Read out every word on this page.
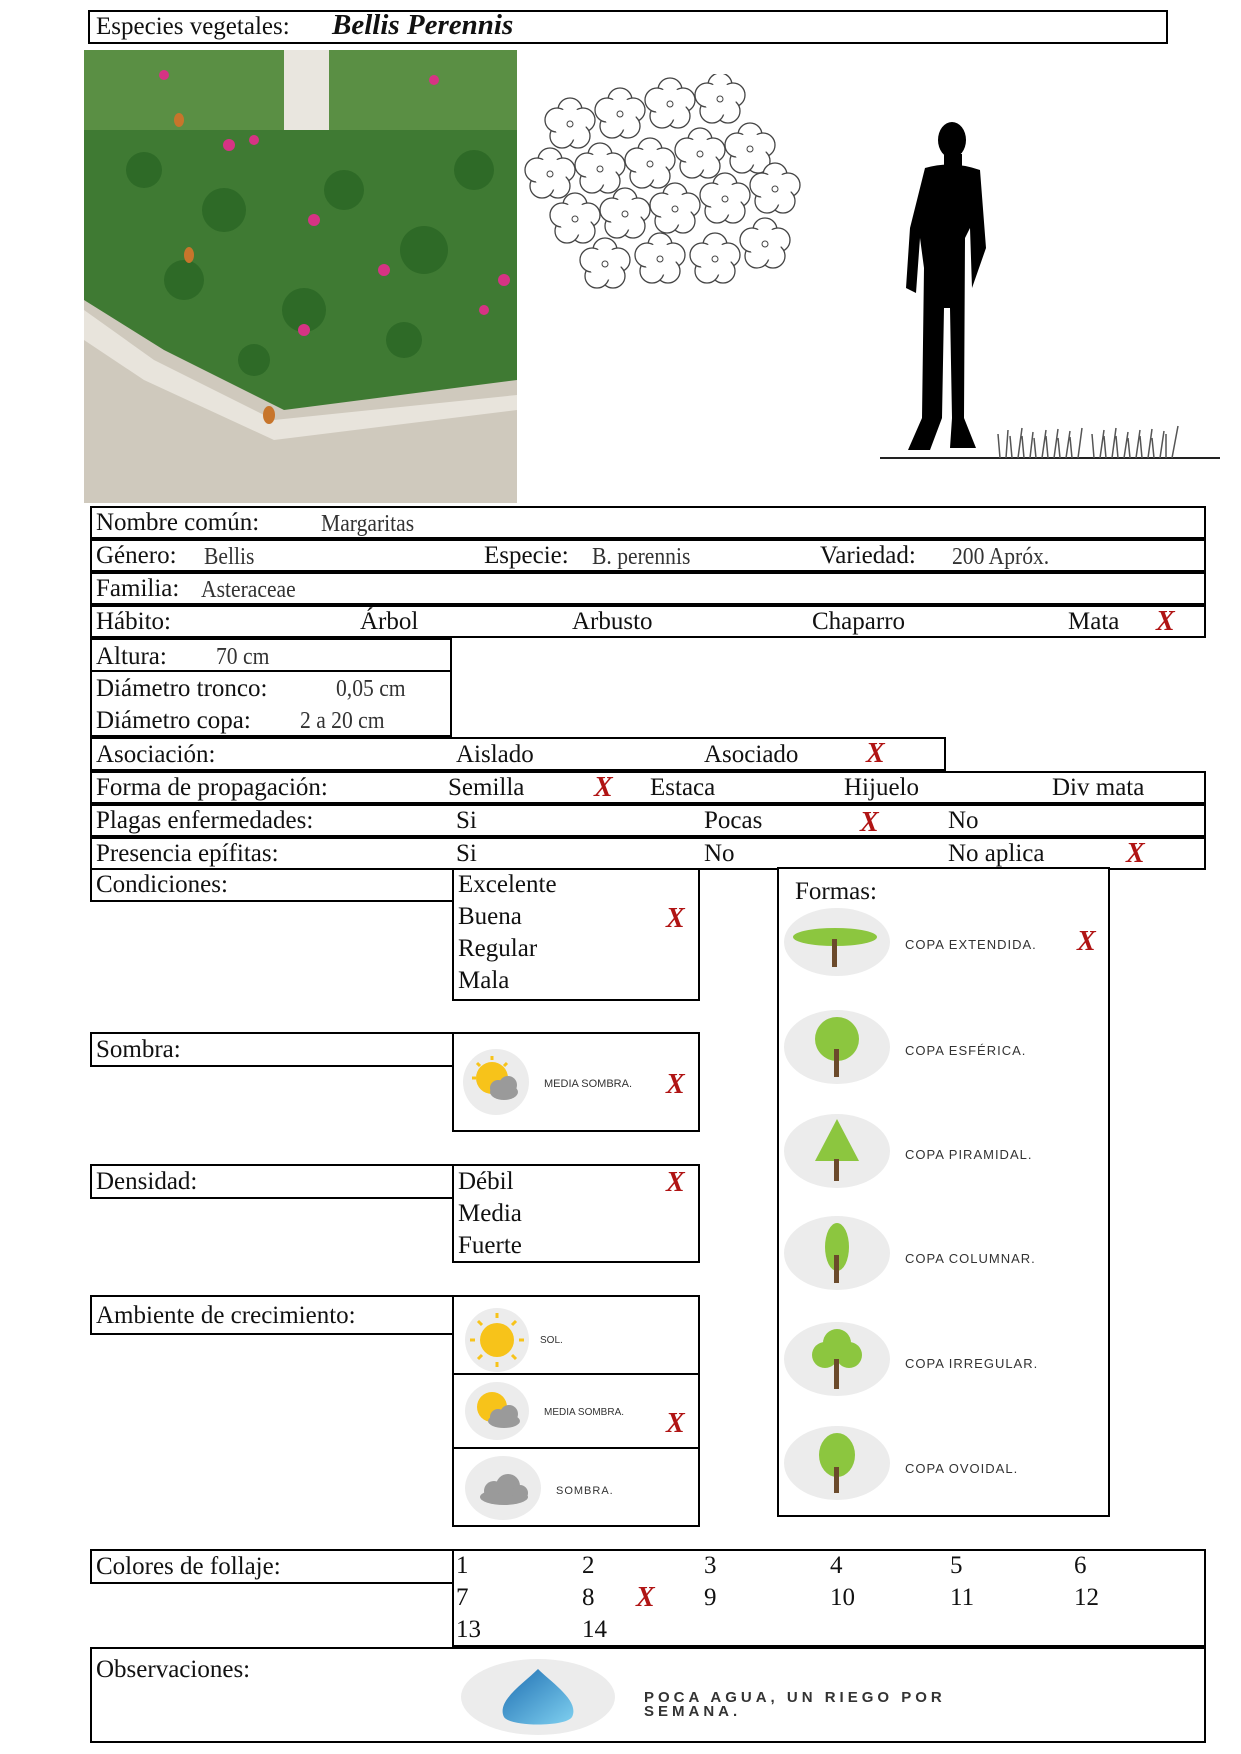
Especies vegetales: Bellis Perennis
Nombre común:	Margaritas
Género: Bellis	Especie: B. perennis	Variedad: 200 Apróx.
Familia: Asteraceae
Hábito:	Árbol	Arbusto	Chaparro	Mata X
Altura: 70 cm
Diámetro tronco:	0,05 cm
Diámetro copa: 2 a 20 cm
Asociación:	Aislado	Asociado X
Forma de propagación:	Semilla X Estaca	Hijuelo	Div mata
Plagas enfermedades:	Si	Pocas	X	No
Presencia epífitas:	Si	No	No aplica	X
Condiciones:	Excelente
Buena	X
Regular
Mala
Sombra:
MEDIA SOMBRA. X
Densidad:	Débil	X
Media
Fuerte
Ambiente de crecimiento:
SOL.
MEDIA SOMBRA. X
SOMBRA.
Formas:
COPA EXTENDIDA. X
COPA ESFÉRICA.
COPA PIRAMIDAL.
COPA COLUMNAR.
COPA IRREGULAR.
COPA OVOIDAL.
Colores de follaje:	1	2	3	4	5	6
7	8 X 9	10	11	12
13	14
Observaciones:
POCA AGUA, UN RIEGO POR
SEMANA.
